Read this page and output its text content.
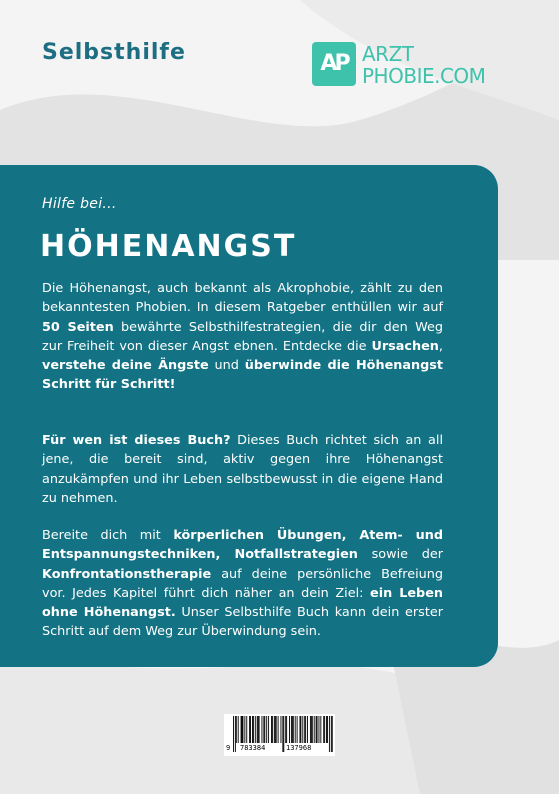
Selbsthilfe	AP ARZT
PHOBIE.COM
Hilfe bei...
HÖHENANGST
Die Höhenangst, auch bekannt als Akrophobie, zählt zu den bekanntesten Phobien. In diesem Ratgeber enthüllen wir auf 50 Seiten bewährte Selbsthilfestrategien, die dir den Weg zur Freiheit von dieser Angst ebnen. Entdecke die Ursachen, verstehe deine Ängste und überwinde die Höhenangst Schritt für Schritt!
Für wen ist dieses Buch? Dieses Buch richtet sich an all jene, die bereit sind, aktiv gegen ihre Höhenangst anzukämpfen und ihr Leben selbstbewusst in die eigene Hand zu nehmen.
Bereite dich mit körperlichen Übungen, Atem- und Entspannungstechniken, Notfallstrategien sowie der Konfrontationstherapie auf deine persönliche Befreiung vor. Jedes Kapitel führt dich näher an dein Ziel: ein Leben ohne Höhenangst. Unser Selbsthilfe Buch kann dein erster Schritt auf dem Weg zur Überwindung sein.
9 783384	137968
